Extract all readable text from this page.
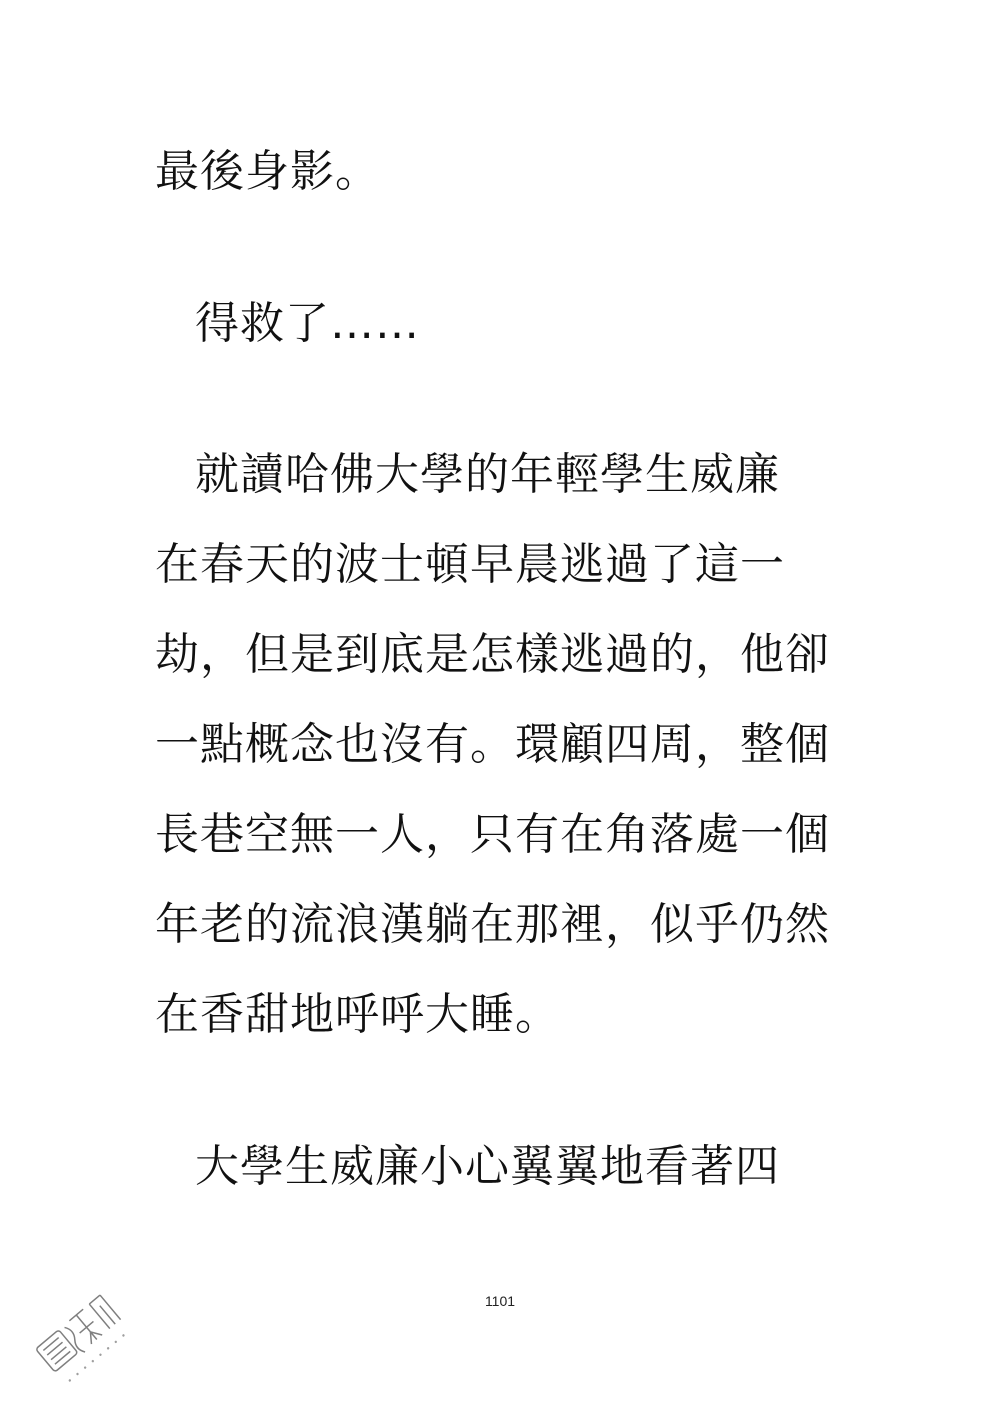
最後身影。
得救了……
就讀哈佛大學的年輕學生威廉
在春天的波士頓早晨逃過了這一
劫，但是到底是怎樣逃過的，他卻
一點概念也沒有。環顧四周，整個
長巷空無一人，只有在角落處一個
年老的流浪漢躺在那裡，似乎仍然
在香甜地呼呼大睡。
大學生威廉小心翼翼地看著四
1101
